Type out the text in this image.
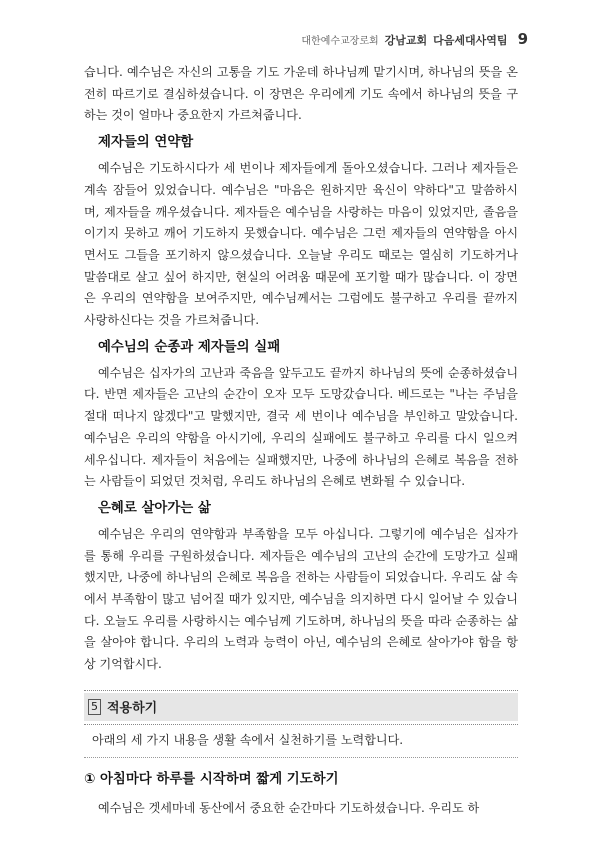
대한예수교장로회 강남교회 다음세대사역팀 9

습니다. 예수님은 자신의 고통을 기도 가운데 하나님께 맡기시며, 하나님의 뜻을 온전히 따르기로 결심하셨습니다. 이 장면은 우리에게 기도 속에서 하나님의 뜻을 구하는 것이 얼마나 중요한지 가르쳐줍니다.

제자들의 연약함

예수님은 기도하시다가 세 번이나 제자들에게 돌아오셨습니다. 그러나 제자들은 계속 잠들어 있었습니다. 예수님은 "마음은 원하지만 육신이 약하다"고 말씀하시며, 제자들을 깨우셨습니다. 제자들은 예수님을 사랑하는 마음이 있었지만, 졸음을 이기지 못하고 깨어 기도하지 못했습니다. 예수님은 그런 제자들의 연약함을 아시면서도 그들을 포기하지 않으셨습니다. 오늘날 우리도 때로는 열심히 기도하거나 말씀대로 살고 싶어 하지만, 현실의 어려움 때문에 포기할 때가 많습니다. 이 장면은 우리의 연약함을 보여주지만, 예수님께서는 그럼에도 불구하고 우리를 끝까지 사랑하신다는 것을 가르쳐줍니다.

예수님의 순종과 제자들의 실패

예수님은 십자가의 고난과 죽음을 앞두고도 끝까지 하나님의 뜻에 순종하셨습니다. 반면 제자들은 고난의 순간이 오자 모두 도망갔습니다. 베드로는 "나는 주님을 절대 떠나지 않겠다"고 말했지만, 결국 세 번이나 예수님을 부인하고 말았습니다. 예수님은 우리의 약함을 아시기에, 우리의 실패에도 불구하고 우리를 다시 일으켜 세우십니다. 제자들이 처음에는 실패했지만, 나중에 하나님의 은혜로 복음을 전하는 사람들이 되었던 것처럼, 우리도 하나님의 은혜로 변화될 수 있습니다.

은혜로 살아가는 삶

예수님은 우리의 연약함과 부족함을 모두 아십니다. 그렇기에 예수님은 십자가를 통해 우리를 구원하셨습니다. 제자들은 예수님의 고난의 순간에 도망가고 실패했지만, 나중에 하나님의 은혜로 복음을 전하는 사람들이 되었습니다. 우리도 삶 속에서 부족함이 많고 넘어질 때가 있지만, 예수님을 의지하면 다시 일어날 수 있습니다. 오늘도 우리를 사랑하시는 예수님께 기도하며, 하나님의 뜻을 따라 순종하는 삶을 살아야 합니다. 우리의 노력과 능력이 아닌, 예수님의 은혜로 살아가야 함을 항상 기억합시다.

5 적용하기
아래의 세 가지 내용을 생활 속에서 실천하기를 노력합니다.
① 아침마다 하루를 시작하며 짧게 기도하기

예수님은 겟세마네 동산에서 중요한 순간마다 기도하셨습니다. 우리도 하
